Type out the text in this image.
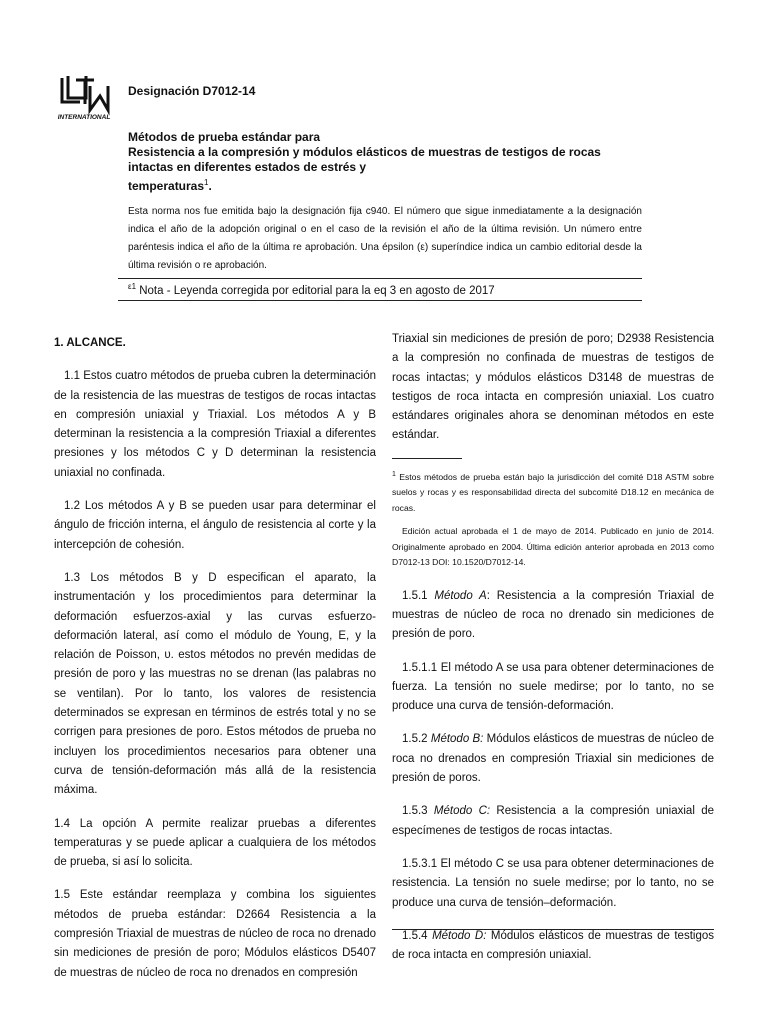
INTERNATIONAL
Designación D7012-14
Métodos de prueba estándar para
Resistencia a la compresión y módulos elásticos de muestras de testigos de rocas
intactas en diferentes estados de estrés y
temperaturas$^1$.
Esta norma nos fue emitida bajo la designación fija c940. El número que sigue inmediatamente a la designación indica el año de la adopción original o en el caso de la revisión el año de la última revisión. Un número entre paréntesis indica el año de la última re aprobación. Una épsilon (ε) superíndice indica un cambio editorial desde la última revisión o re aprobación.
$^{\varepsilon 1}$ Nota - Leyenda corregida por editorial para la eq 3 en agosto de 2017

1. ALCANCE.

1.1 Estos cuatro métodos de prueba cubren la determinación de la resistencia de las muestras de testigos de rocas intactas en compresión uniaxial y Triaxial. Los métodos A y B determinan la resistencia a la compresión Triaxial a diferentes presiones y los métodos C y D determinan la resistencia uniaxial no confinada.

1.2 Los métodos A y B se pueden usar para determinar el ángulo de fricción interna, el ángulo de resistencia al corte y la intercepción de cohesión.

1.3 Los métodos B y D especifican el aparato, la instrumentación y los procedimientos para determinar la deformación esfuerzos-axial y las curvas esfuerzo-deformación lateral, así como el módulo de Young, E, y la relación de Poisson, υ. estos métodos no prevén medidas de presión de poro y las muestras no se drenan (las palabras no se ventilan). Por lo tanto, los valores de resistencia determinados se expresan en términos de estrés total y no se corrigen para presiones de poro. Estos métodos de prueba no incluyen los procedimientos necesarios para obtener una curva de tensión-deformación más allá de la resistencia máxima.

1.4 La opción A permite realizar pruebas a diferentes temperaturas y se puede aplicar a cualquiera de los métodos de prueba, si así lo solicita.

1.5 Este estándar reemplaza y combina los siguientes métodos de prueba estándar: D2664 Resistencia a la compresión Triaxial de muestras de núcleo de roca no drenado sin mediciones de presión de poro; Módulos elásticos D5407 de muestras de núcleo de roca no drenados en compresión

Triaxial sin mediciones de presión de poro; D2938 Resistencia a la compresión no confinada de muestras de testigos de rocas intactas; y módulos elásticos D3148 de muestras de testigos de roca intacta en compresión uniaxial. Los cuatro estándares originales ahora se denominan métodos en este estándar.

$^1$ Estos métodos de prueba están bajo la jurisdicción del comité D18 ASTM sobre suelos y rocas y es responsabilidad directa del subcomité D18.12 en mecánica de rocas.

Edición actual aprobada el 1 de mayo de 2014. Publicado en junio de 2014. Originalmente aprobado en 2004. Última edición anterior aprobada en 2013 como D7012-13 DOI: 10.1520/D7012-14.

1.5.1 Método A: Resistencia a la compresión Triaxial de muestras de núcleo de roca no drenado sin mediciones de presión de poro.

1.5.1.1 El método A se usa para obtener determinaciones de fuerza. La tensión no suele medirse; por lo tanto, no se produce una curva de tensión-deformación.

1.5.2 Método B: Módulos elásticos de muestras de núcleo de roca no drenados en compresión Triaxial sin mediciones de presión de poros.

1.5.3 Método C: Resistencia a la compresión uniaxial de especímenes de testigos de rocas intactas.

1.5.3.1 El método C se usa para obtener determinaciones de resistencia. La tensión no suele medirse; por lo tanto, no se produce una curva de tensión–deformación.

1.5.4 Método D: Módulos elásticos de muestras de testigos de roca intacta en compresión uniaxial.
